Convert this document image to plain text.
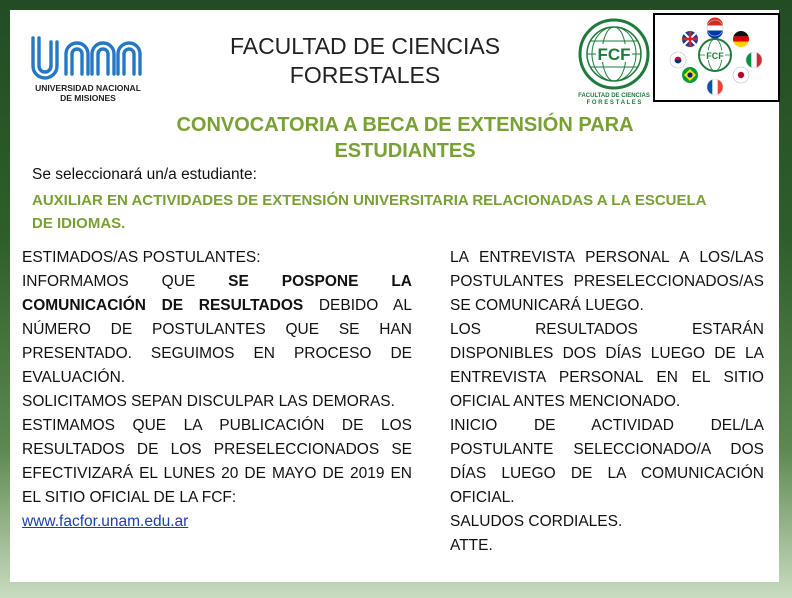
UNIVERSIDAD NACIONAL
DE MISIONES
FACULTAD DE CIENCIAS
FORESTALES
FCF
FACULTAD DE CIENCIAS
F O R E S T A L E S
FCF
CONVOCATORIA A BECA DE EXTENSIÓN PARA
ESTUDIANTES
Se seleccionará un/a estudiante:
AUXILIAR EN ACTIVIDADES DE EXTENSIÓN UNIVERSITARIA RELACIONADAS A LA ESCUELA
DE IDIOMAS.

ESTIMADOS/AS POSTULANTES:

INFORMAMOS QUE SE POSPONE LA COMUNICACIÓN DE RESULTADOS DEBIDO AL NÚMERO DE POSTULANTES QUE SE HAN PRESENTADO. SEGUIMOS EN PROCESO DE EVALUACIÓN.

SOLICITAMOS SEPAN DISCULPAR LAS DEMORAS.

ESTIMAMOS QUE LA PUBLICACIÓN DE LOS RESULTADOS DE LOS PRESELECCIONADOS SE EFECTIVIZARÁ EL LUNES 20 DE MAYO DE 2019 EN EL SITIO OFICIAL DE LA FCF:

www.facfor.unam.edu.ar

LA ENTREVISTA PERSONAL A LOS/LAS POSTULANTES PRESELECCIONADOS/AS SE COMUNICARÁ LUEGO.

LOS RESULTADOS ESTARÁN DISPONIBLES DOS DÍAS LUEGO DE LA ENTREVISTA PERSONAL EN EL SITIO OFICIAL ANTES MENCIONADO.

INICIO DE ACTIVIDAD DEL/LA POSTULANTE SELECCIONADO/A DOS DÍAS LUEGO DE LA COMUNICACIÓN OFICIAL.

SALUDOS CORDIALES.

ATTE.
